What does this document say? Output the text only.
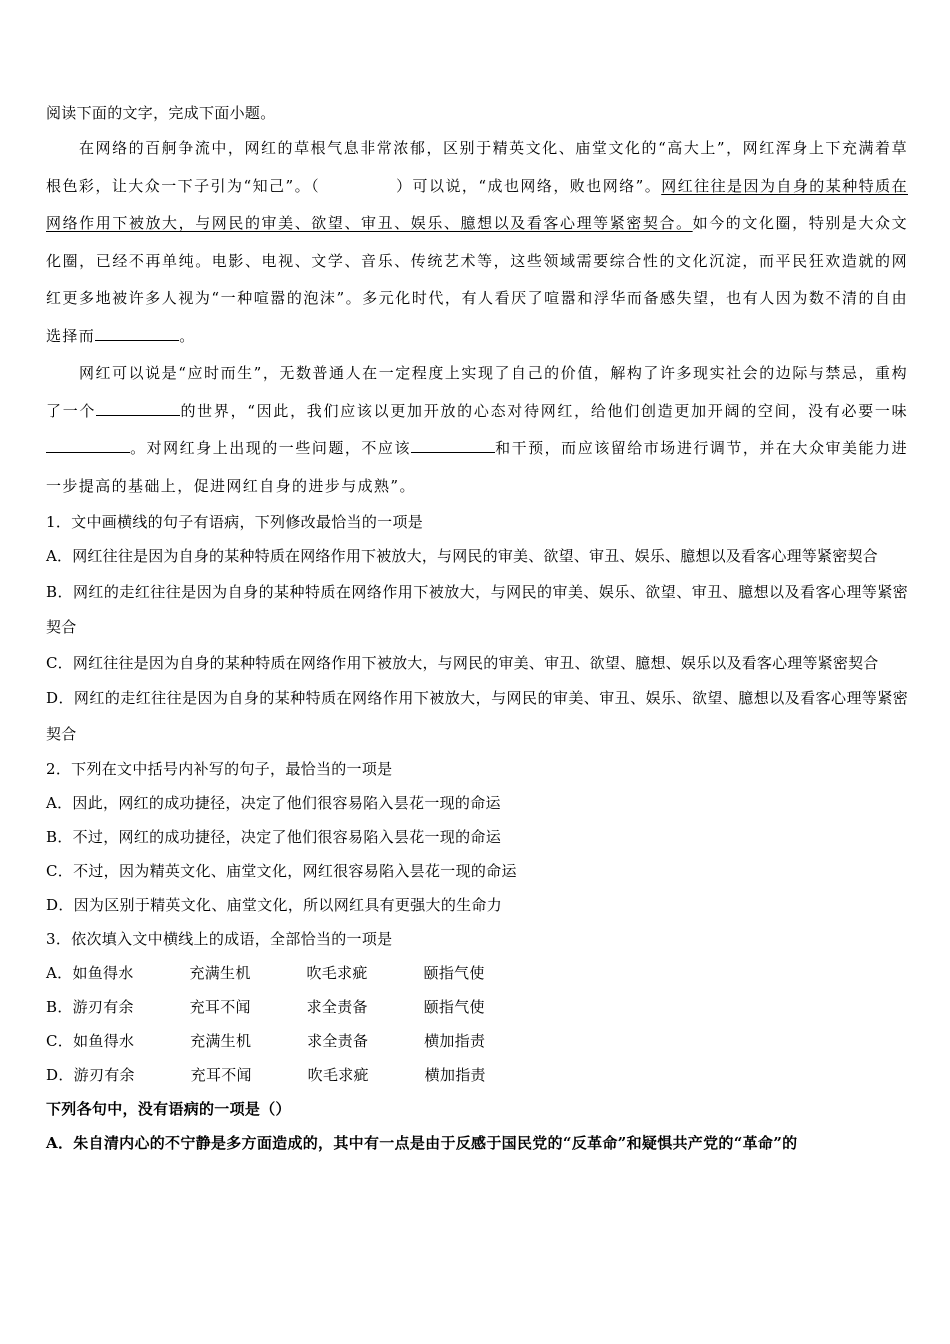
阅读下面的文字，完成下面小题。

在网络的百舸争流中，网红的草根气息非常浓郁，区别于精英文化、庙堂文化的“高大上”，网红浑身上下充满着草根色彩，让大众一下子引为“知己”。（	）可以说，“成也网络，败也网络”。网红往往是因为自身的某种特质在网络作用下被放大，与网民的审美、欲望、审丑、娱乐、臆想以及看客心理等紧密契合。如今的文化圈，特别是大众文化圈，已经不再单纯。电影、电视、文学、音乐、传统艺术等，这些领域需要综合性的文化沉淀，而平民狂欢造就的网红更多地被许多人视为“一种喧嚣的泡沫”。多元化时代，有人看厌了喧嚣和浮华而备感失望，也有人因为数不清的自由选择而	。

网红可以说是“应时而生”，无数普通人在一定程度上实现了自己的价值，解构了许多现实社会的边际与禁忌，重构了一个	的世界，“因此，我们应该以更加开放的心态对待网红，给他们创造更加开阔的空间，没有必要一味。对网红身上出现的一些问题，不应该	和干预，而应该留给市场进行调节，并在大众审美能力进一步提高的基础上，促进网红自身的进步与成熟”。

1．文中画横线的句子有语病，下列修改最恰当的一项是

A．网红往往是因为自身的某种特质在网络作用下被放大，与网民的审美、欲望、审丑、娱乐、臆想以及看客心理等紧密契合

B．网红的走红往往是因为自身的某种特质在网络作用下被放大，与网民的审美、娱乐、欲望、审丑、臆想以及看客心理等紧密契合

C．网红往往是因为自身的某种特质在网络作用下被放大，与网民的审美、审丑、欲望、臆想、娱乐以及看客心理等紧密契合

D．网红的走红往往是因为自身的某种特质在网络作用下被放大，与网民的审美、审丑、娱乐、欲望、臆想以及看客心理等紧密契合

2．下列在文中括号内补写的句子，最恰当的一项是

A．因此，网红的成功捷径，决定了他们很容易陷入昙花一现的命运

B．不过，网红的成功捷径，决定了他们很容易陷入昙花一现的命运

C．不过，因为精英文化、庙堂文化，网红很容易陷入昙花一现的命运

D．因为区别于精英文化、庙堂文化，所以网红具有更强大的生命力

3．依次填入文中横线上的成语，全部恰当的一项是

A．如鱼得水	充满生机	吹毛求疵	颐指气使

B．游刃有余	充耳不闻	求全责备	颐指气使

C．如鱼得水	充满生机	求全责备	横加指责

D．游刃有余	充耳不闻	吹毛求疵	横加指责

下列各句中，没有语病的一项是（）

A．朱自清内心的不宁静是多方面造成的，其中有一点是由于反感于国民党的“反革命”和疑惧共产党的“革命”的
